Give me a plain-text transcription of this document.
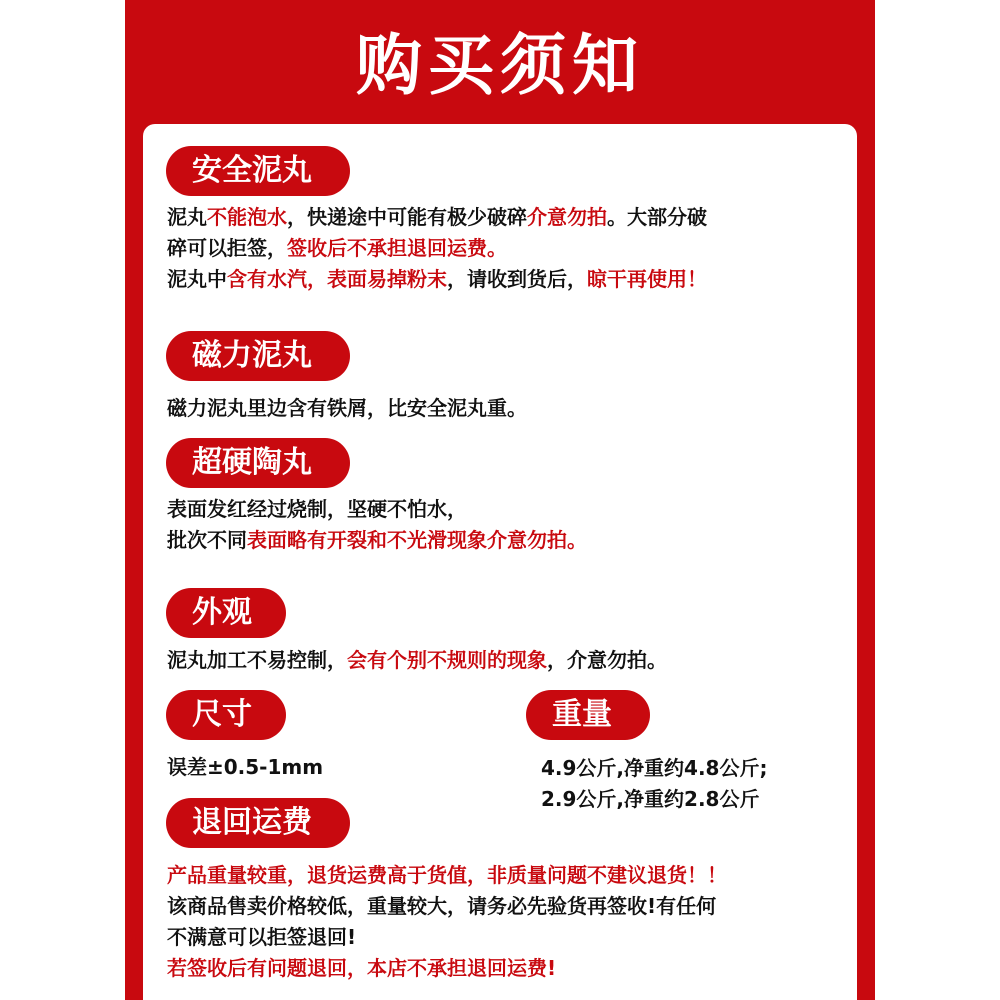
购买须知
安全泥丸
泥丸不能泡水，快递途中可能有极少破碎介意勿拍。大部分破
碎可以拒签，签收后不承担退回运费。
泥丸中含有水汽，表面易掉粉末，请收到货后，晾干再使用！
磁力泥丸
磁力泥丸里边含有铁屑，比安全泥丸重。
超硬陶丸
表面发红经过烧制，坚硬不怕水，
批次不同表面略有开裂和不光滑现象介意勿拍。
外观
泥丸加工不易控制，会有个别不规则的现象，介意勿拍。
尺寸
误差±0.5-1mm
重量
4.9公斤,净重约4.8公斤;
2.9公斤,净重约2.8公斤
退回运费
产品重量较重，退货运费高于货值，非质量问题不建议退货！！
该商品售卖价格较低，重量较大，请务必先验货再签收!有任何
不满意可以拒签退回!
若签收后有问题退回，本店不承担退回运费!
